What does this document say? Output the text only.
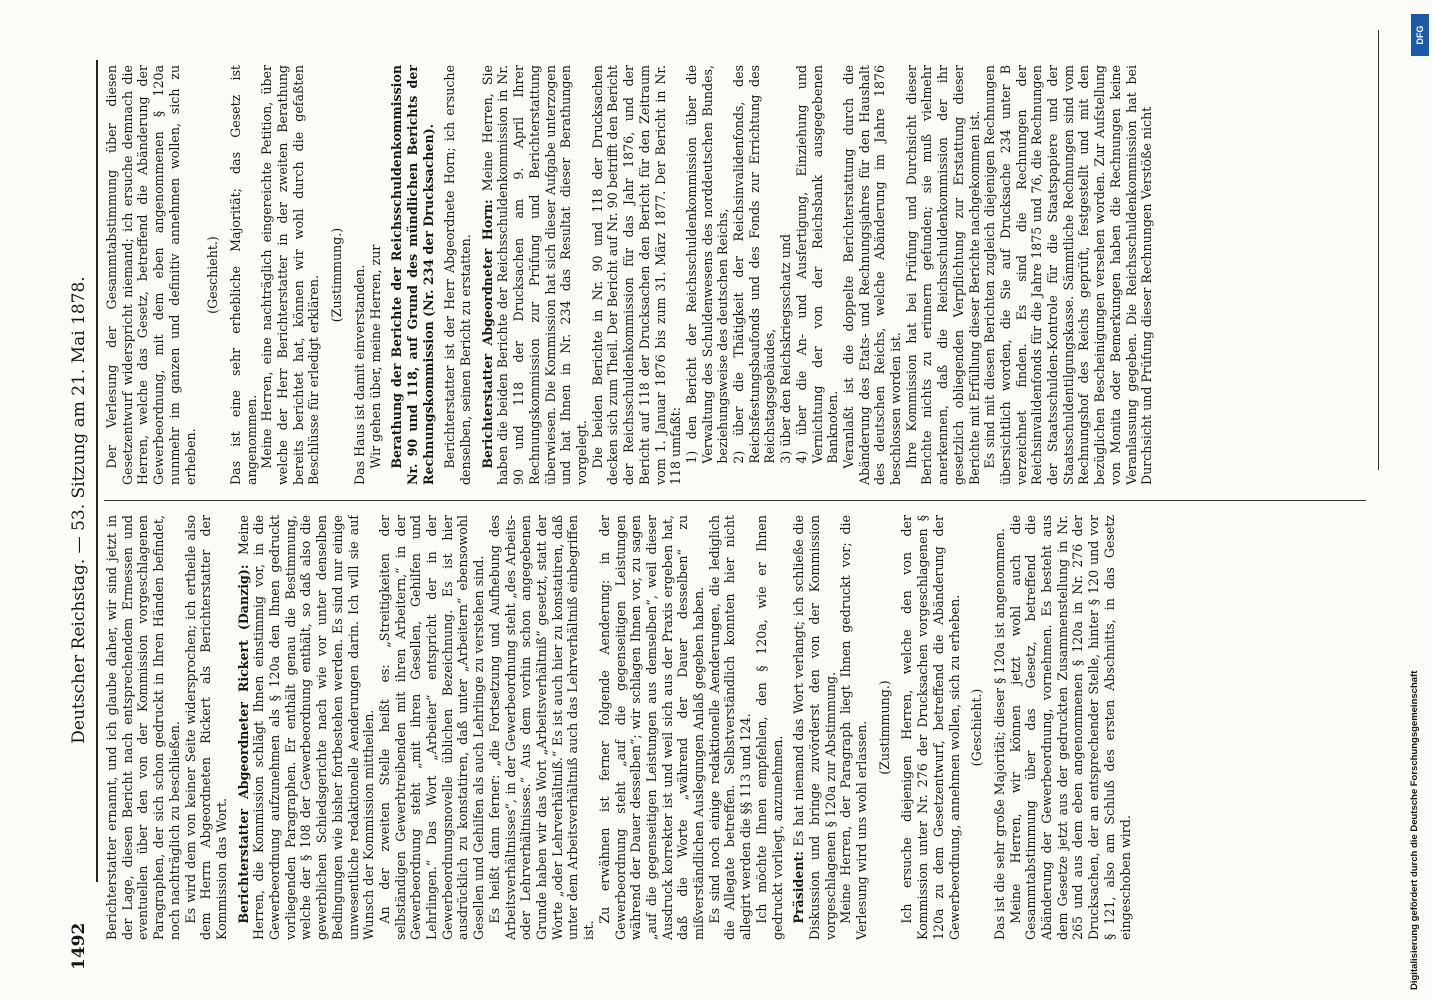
1492
Deutscher Reichstag. — 53. Sitzung am 21. Mai 1878.	Berichterstatter ernannt, und ich glaube daher, wir sind jetzt in der Lage, diesen Bericht nach entsprechendem Ermessen und eventuellen über den von der Kommission vorgeschlagenen Paragraphen, der sich schon gedruckt in Ihren Händen befindet, noch nachträglich zu beschließen. Es wird dem von keiner Seite widersprochen; ich ertheile also dem Herrn Abgeordneten Rickert als Berichterstatter der Kommission das Wort. Berichterstatter Abgeordneter Rickert (Danzig): Meine Herren, die Kommission schlägt Ihnen einstimmig vor, in die Gewerbeordnung aufzunehmen als § 120a den Ihnen gedruckt vorliegenden Paragraphen. Er enthält genau die Bestimmung, welche der § 108 der Gewerbeordnung enthält, so daß also die gewerblichen Schiedsgerichte nach wie vor unter denselben Bedingungen wie bisher fortbestehen werden. Es sind nur einige unwesentliche redaktionelle Aenderungen darin. Ich will sie auf Wunsch der Kommission mittheilen. An der zweiten Stelle heißt es: „Streitigkeiten der selbständigen Gewerbtreibenden mit ihren Arbeitern,“ in der Gewerbeordnung steht „mit ihren Gesellen, Gehilfen und Lehrlingen.“ Das Wort „Arbeiter“ entspricht der in der Gewerbeordnungsnovelle üblichen Bezeichnung. Es ist hier ausdrücklich zu konstatiren, daß unter „Arbeitern“ ebensowohl Gesellen und Gehilfen als auch Lehrlinge zu verstehen sind. Es heißt dann ferner: „die Fortsetzung und Aufhebung des Arbeitsverhältnisses“, in der Gewerbeordnung steht „des Arbeits- oder Lehrverhältnisses.“ Aus dem vorhin schon angegebenen Grunde haben wir das Wort „Arbeitsverhältniß“ gesetzt, statt der Worte „oder Lehrverhältniß.“ Es ist auch hier zu konstatiren, daß unter dem Arbeitsverhältniß auch das Lehrverhältniß einbegriffen ist.

Zu erwähnen ist ferner folgende Aenderung: in der Gewerbeordnung steht „auf die gegenseitigen Leistungen während der Dauer desselben“; wir schlagen Ihnen vor, zu sagen „auf die gegenseitigen Leistungen aus demselben“, weil dieser Ausdruck korrekter ist und weil sich aus der Praxis ergeben hat, daß die Worte „während der Dauer desselben“ zu mißverständlichen Auslegungen Anlaß gegeben haben. Es sind noch einige redaktionelle Aenderungen, die lediglich die Allegate betreffen. Selbstverständlich konnten hier nicht allegirt werden die §§ 113 und 124. Ich möchte Ihnen empfehlen, den § 120a, wie er Ihnen gedruckt vorliegt, anzunehmen. Präsident: Es hat niemand das Wort verlangt; ich schließe die Diskussion und bringe zuvörderst den von der Kommission vorgeschlagenen § 120a zur Abstimmung. Meine Herren, der Paragraph liegt Ihnen gedruckt vor; die Verlesung wird uns wohl erlassen. (Zustimmung.) Ich ersuche diejenigen Herren, welche den von der Kommission unter Nr. 276 der Drucksachen vorgeschlagenen § 120a zu dem Gesetzentwurf, betreffend die Abänderung der Gewerbeordnung, annehmen wollen, sich zu erheben. (Geschieht.) Das ist die sehr große Majorität; dieser § 120a ist angenommen. Meine Herren, wir können jetzt wohl auch die Gesammtabstimmung über das Gesetz, betreffend die Abänderung der Gewerbeordnung, vornehmen. Es besteht aus dem Gesetze jetzt aus der gedruckten Zusammenstellung in Nr. 265 und aus dem eben angenommenen § 120a in Nr. 276 der Drucksachen, der an entsprechender Stelle, hinter § 120 und vor § 121, also am Schluß des ersten Abschnitts, in das Gesetz eingeschoben wird.

Der Verlesung der Gesammtabstimmung über diesen Gesetzentwurf widerspricht niemand; ich ersuche demnach die Herren, welche das Gesetz, betreffend die Abänderung der Gewerbeordnung, mit dem eben angenommenen § 120a nunmehr im ganzen und definitiv annehmen wollen, sich zu erheben.

(Geschieht.) Das ist eine sehr erhebliche Majorität; das Gesetz ist angenommen. Meine Herren, eine nachträglich eingereichte Petition, über welche der Herr Berichterstatter in der zweiten Berathung bereits berichtet hat, können wir wohl durch die gefaßten Beschlüsse für erledigt erklären. (Zustimmung.) Das Haus ist damit einverstanden. Wir gehen über, meine Herren, zur Berathung der Berichte der Reichsschuldenkommission Nr. 90 und 118, auf Grund des mündlichen Berichts der Rechnungskommission (Nr. 234 der Drucksachen). Berichterstatter ist der Herr Abgeordnete Horn; ich ersuche denselben, seinen Bericht zu erstatten. Berichterstatter Abgeordneter Horn: Meine Herren, Sie haben die beiden Berichte der Reichsschuldenkommission in Nr. 90 und 118 der Drucksachen am 9. April Ihrer Rechnungskommission zur Prüfung und Berichterstattung überwiesen. Die Kommission hat sich dieser Aufgabe unterzogen und hat Ihnen in Nr. 234 das Resultat dieser Berathungen vorgelegt. Die beiden Berichte in Nr. 90 und 118 der Drucksachen decken sich zum Theil. Der Bericht auf Nr. 90 betrifft den Bericht der Reichsschuldenkommission für das Jahr 1876, und der Bericht auf 118 der Drucksachen den Bericht für den Zeitraum vom 1. Januar 1876 bis zum 31. März 1877. Der Bericht in Nr. 118 umfaßt: 1) den Bericht der Reichsschuldenkommission über die Verwaltung des Schuldenwesens des norddeutschen Bundes, beziehungsweise des deutschen Reichs, 2) über die Thätigkeit der Reichsinvalidenfonds, des Reichsfestungsbaufonds und des Fonds zur Errichtung des Reichstagsgebäudes, 3) über den Reichskriegsschatz und 4) über die An- und Ausfertigung, Einziehung und Vernichtung der von der Reichsbank ausgegebenen Banknoten. Veranlaßt ist die doppelte Berichterstattung durch die Abänderung des Etats- und Rechnungsjahres für den Haushalt des deutschen Reichs, welche Abänderung im Jahre 1876 beschlossen worden ist. Ihre Kommission hat bei Prüfung und Durchsicht dieser Berichte nichts zu erinnern gefunden; sie muß vielmehr anerkennen, daß die Reichsschuldenkommission der ihr gesetzlich obliegenden Verpflichtung zur Erstattung dieser Berichte mit Erfüllung dieser Berichte nachgekommen ist. Es sind mit diesen Berichten zugleich diejenigen Rechnungen übersichtlich worden, die Sie auf Drucksache 234 unter B verzeichnet finden. Es sind die Rechnungen der Reichsinvalidenfonds für die Jahre 1875 und 76, die Rechnungen der Staatsschulden-Kontrole für die Staatspapiere und der Staatsschuldentilgungskasse. Sämmtliche Rechnungen sind vom Rechnungshof des Reichs geprüft, festgestellt und mit den bezüglichen Bescheinigungen versehen worden. Zur Aufstellung von Monita oder Bemerkungen haben die Rechnungen keine Veranlassung gegeben. Die Reichsschuldenkommission hat bei Durchsicht und Prüfung dieser Rechnungen Verstöße nicht

Digitalisierung gefördert durch die Deutsche Forschungsgemeinschaft
DFG
